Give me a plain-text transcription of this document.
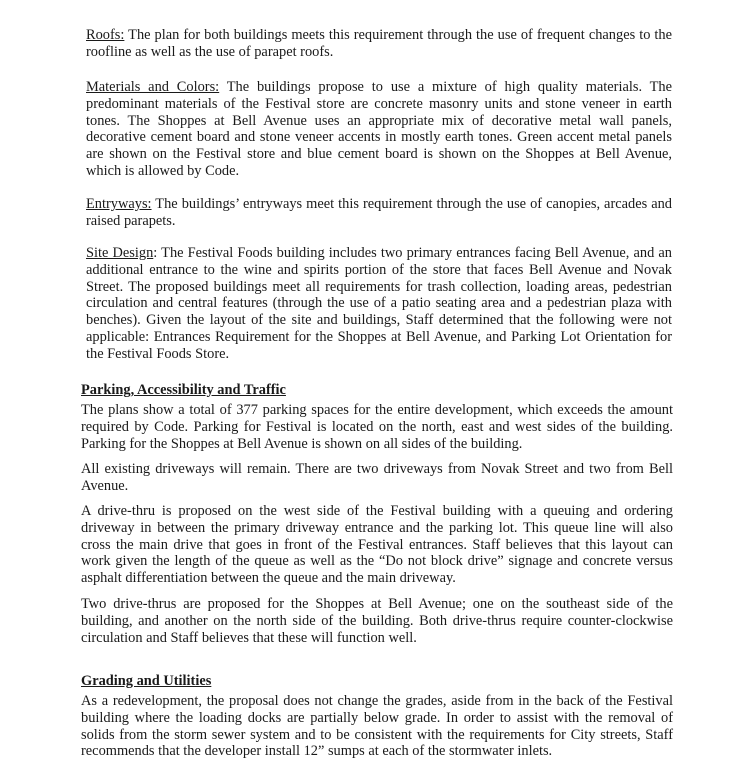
Roofs: The plan for both buildings meets this requirement through the use of frequent changes to the roofline as well as the use of parapet roofs.

Materials and Colors: The buildings propose to use a mixture of high quality materials. The predominant materials of the Festival store are concrete masonry units and stone veneer in earth tones. The Shoppes at Bell Avenue uses an appropriate mix of decorative metal wall panels, decorative cement board and stone veneer accents in mostly earth tones. Green accent metal panels are shown on the Festival store and blue cement board is shown on the Shoppes at Bell Avenue, which is allowed by Code.

Entryways: The buildings’ entryways meet this requirement through the use of canopies, arcades and raised parapets.

Site Design: The Festival Foods building includes two primary entrances facing Bell Avenue, and an additional entrance to the wine and spirits portion of the store that faces Bell Avenue and Novak Street. The proposed buildings meet all requirements for trash collection, loading areas, pedestrian circulation and central features (through the use of a patio seating area and a pedestrian plaza with benches). Given the layout of the site and buildings, Staff determined that the following were not applicable: Entrances Requirement for the Shoppes at Bell Avenue, and Parking Lot Orientation for the Festival Foods Store.

Parking, Accessibility and Traffic

The plans show a total of 377 parking spaces for the entire development, which exceeds the amount required by Code. Parking for Festival is located on the north, east and west sides of the building. Parking for the Shoppes at Bell Avenue is shown on all sides of the building.

All existing driveways will remain. There are two driveways from Novak Street and two from Bell Avenue.

A drive-thru is proposed on the west side of the Festival building with a queuing and ordering driveway in between the primary driveway entrance and the parking lot. This queue line will also cross the main drive that goes in front of the Festival entrances. Staff believes that this layout can work given the length of the queue as well as the “Do not block drive” signage and concrete versus asphalt differentiation between the queue and the main driveway.

Two drive-thrus are proposed for the Shoppes at Bell Avenue; one on the southeast side of the building, and another on the north side of the building. Both drive-thrus require counter-clockwise circulation and Staff believes that these will function well.

Grading and Utilities

As a redevelopment, the proposal does not change the grades, aside from in the back of the Festival building where the loading docks are partially below grade. In order to assist with the removal of solids from the storm sewer system and to be consistent with the requirements for City streets, Staff recommends that the developer install 12” sumps at each of the stormwater inlets.
